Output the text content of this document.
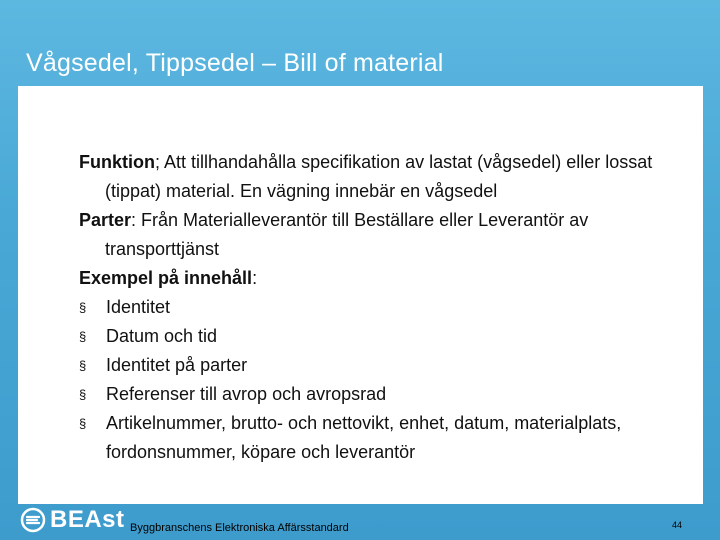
Vågsedel, Tippsedel – Bill of material

Funktion; Att tillhandahålla specifikation av lastat (vågsedel) eller lossat (tippat) material. En vägning innebär en vågsedel

Parter: Från Materialleverantör till Beställare eller Leverantör av transporttjänst

Exempel på innehåll:

§	Identitet
§	Datum och tid
§	Identitet på parter
§	Referenser till avrop och avropsrad
§	Artikelnummer, brutto- och nettovikt, enhet, datum, materialplats, fordonsnummer, köpare och leverantör
BEAst Byggbranschens Elektroniska Affärsstandard	44
